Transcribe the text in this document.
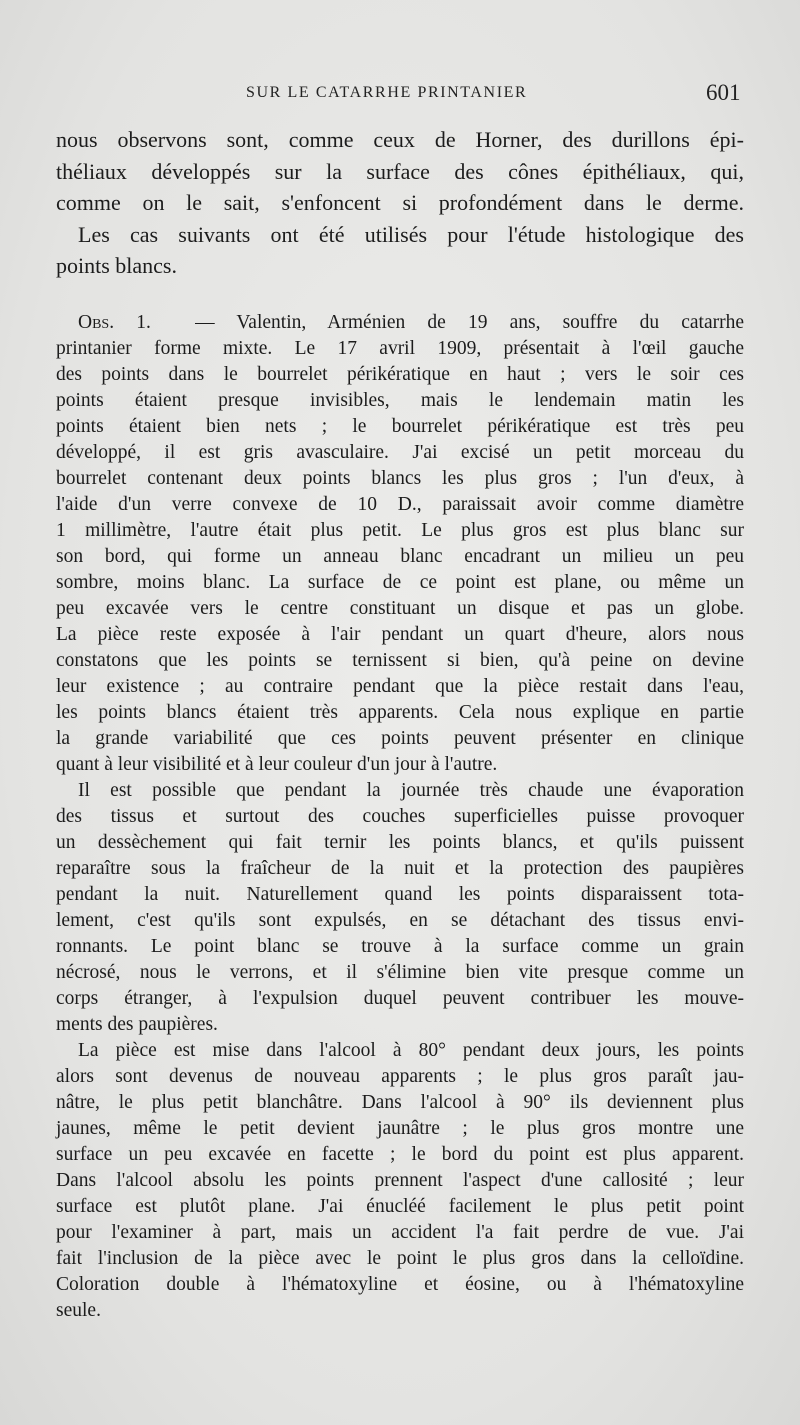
SUR LE CATARRHE PRINTANIER	601
nous observons sont, comme ceux de Horner, des durillons épi-
théliaux développés sur la surface des cônes épithéliaux, qui,
comme on le sait, s'enfoncent si profondément dans le derme.
Les cas suivants ont été utilisés pour l'étude histologique des
points blancs.
Obs. 1. — Valentin, Arménien de 19 ans, souffre du catarrhe
printanier forme mixte. Le 17 avril 1909, présentait à l'œil gauche
des points dans le bourrelet périkératique en haut ; vers le soir ces
points étaient presque invisibles, mais le lendemain matin les
points étaient bien nets ; le bourrelet périkératique est très peu
développé, il est gris avasculaire. J'ai excisé un petit morceau du
bourrelet contenant deux points blancs les plus gros ; l'un d'eux, à
l'aide d'un verre convexe de 10 D., paraissait avoir comme diamètre
1 millimètre, l'autre était plus petit. Le plus gros est plus blanc sur
son bord, qui forme un anneau blanc encadrant un milieu un peu
sombre, moins blanc. La surface de ce point est plane, ou même un
peu excavée vers le centre constituant un disque et pas un globe.
La pièce reste exposée à l'air pendant un quart d'heure, alors nous
constatons que les points se ternissent si bien, qu'à peine on devine
leur existence ; au contraire pendant que la pièce restait dans l'eau,
les points blancs étaient très apparents. Cela nous explique en partie
la grande variabilité que ces points peuvent présenter en clinique
quant à leur visibilité et à leur couleur d'un jour à l'autre.
Il est possible que pendant la journée très chaude une évaporation
des tissus et surtout des couches superficielles puisse provoquer
un dessèchement qui fait ternir les points blancs, et qu'ils puissent
reparaître sous la fraîcheur de la nuit et la protection des paupières
pendant la nuit. Naturellement quand les points disparaissent tota-
lement, c'est qu'ils sont expulsés, en se détachant des tissus envi-
ronnants. Le point blanc se trouve à la surface comme un grain
nécrosé, nous le verrons, et il s'élimine bien vite presque comme un
corps étranger, à l'expulsion duquel peuvent contribuer les mouve-
ments des paupières.
La pièce est mise dans l'alcool à 80° pendant deux jours, les points
alors sont devenus de nouveau apparents ; le plus gros paraît jau-
nâtre, le plus petit blanchâtre. Dans l'alcool à 90° ils deviennent plus
jaunes, même le petit devient jaunâtre ; le plus gros montre une
surface un peu excavée en facette ; le bord du point est plus apparent.
Dans l'alcool absolu les points prennent l'aspect d'une callosité ; leur
surface est plutôt plane. J'ai énucléé facilement le plus petit point
pour l'examiner à part, mais un accident l'a fait perdre de vue. J'ai
fait l'inclusion de la pièce avec le point le plus gros dans la celloïdine.
Coloration double à l'hématoxyline et éosine, ou à l'hématoxyline
seule.
